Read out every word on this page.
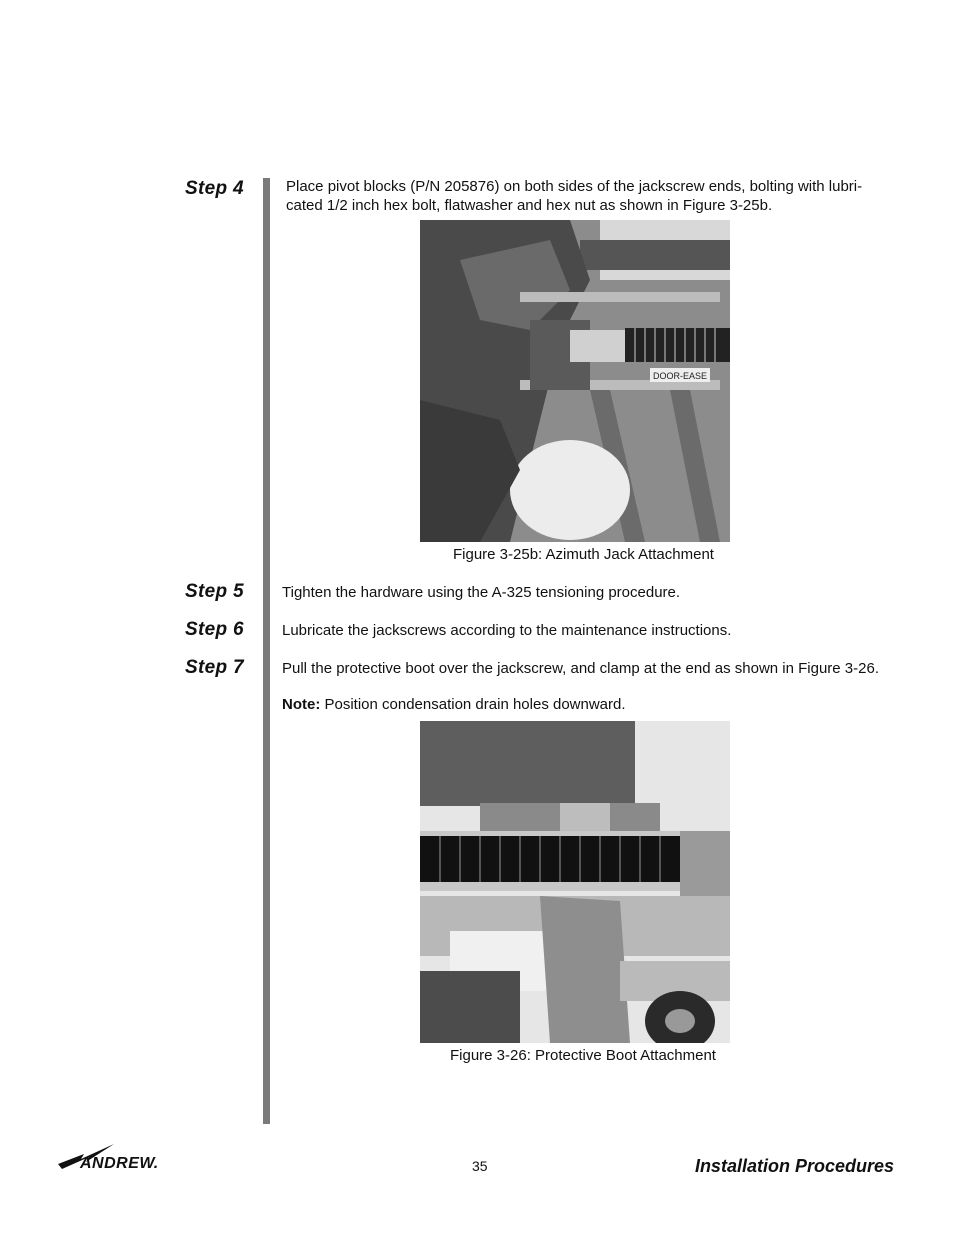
Step 4
Step 5
Step 6
Step 7
Place pivot blocks (P/N 205876) on both sides of the jackscrew ends, bolting with lubri-
cated 1/2 inch hex bolt, flatwasher and hex nut as shown in Figure 3-25b.
DOOR-EASE
Figure 3-25b: Azimuth Jack Attachment
Tighten the hardware using the A-325 tensioning procedure.
Lubricate the jackscrews according to the maintenance instructions.
Pull the protective boot over the jackscrew, and clamp at the end as shown in Figure 3-26.
Note: Position condensation drain holes downward.
Figure 3-26: Protective Boot Attachment
ANDREW.	35	Installation Procedures
